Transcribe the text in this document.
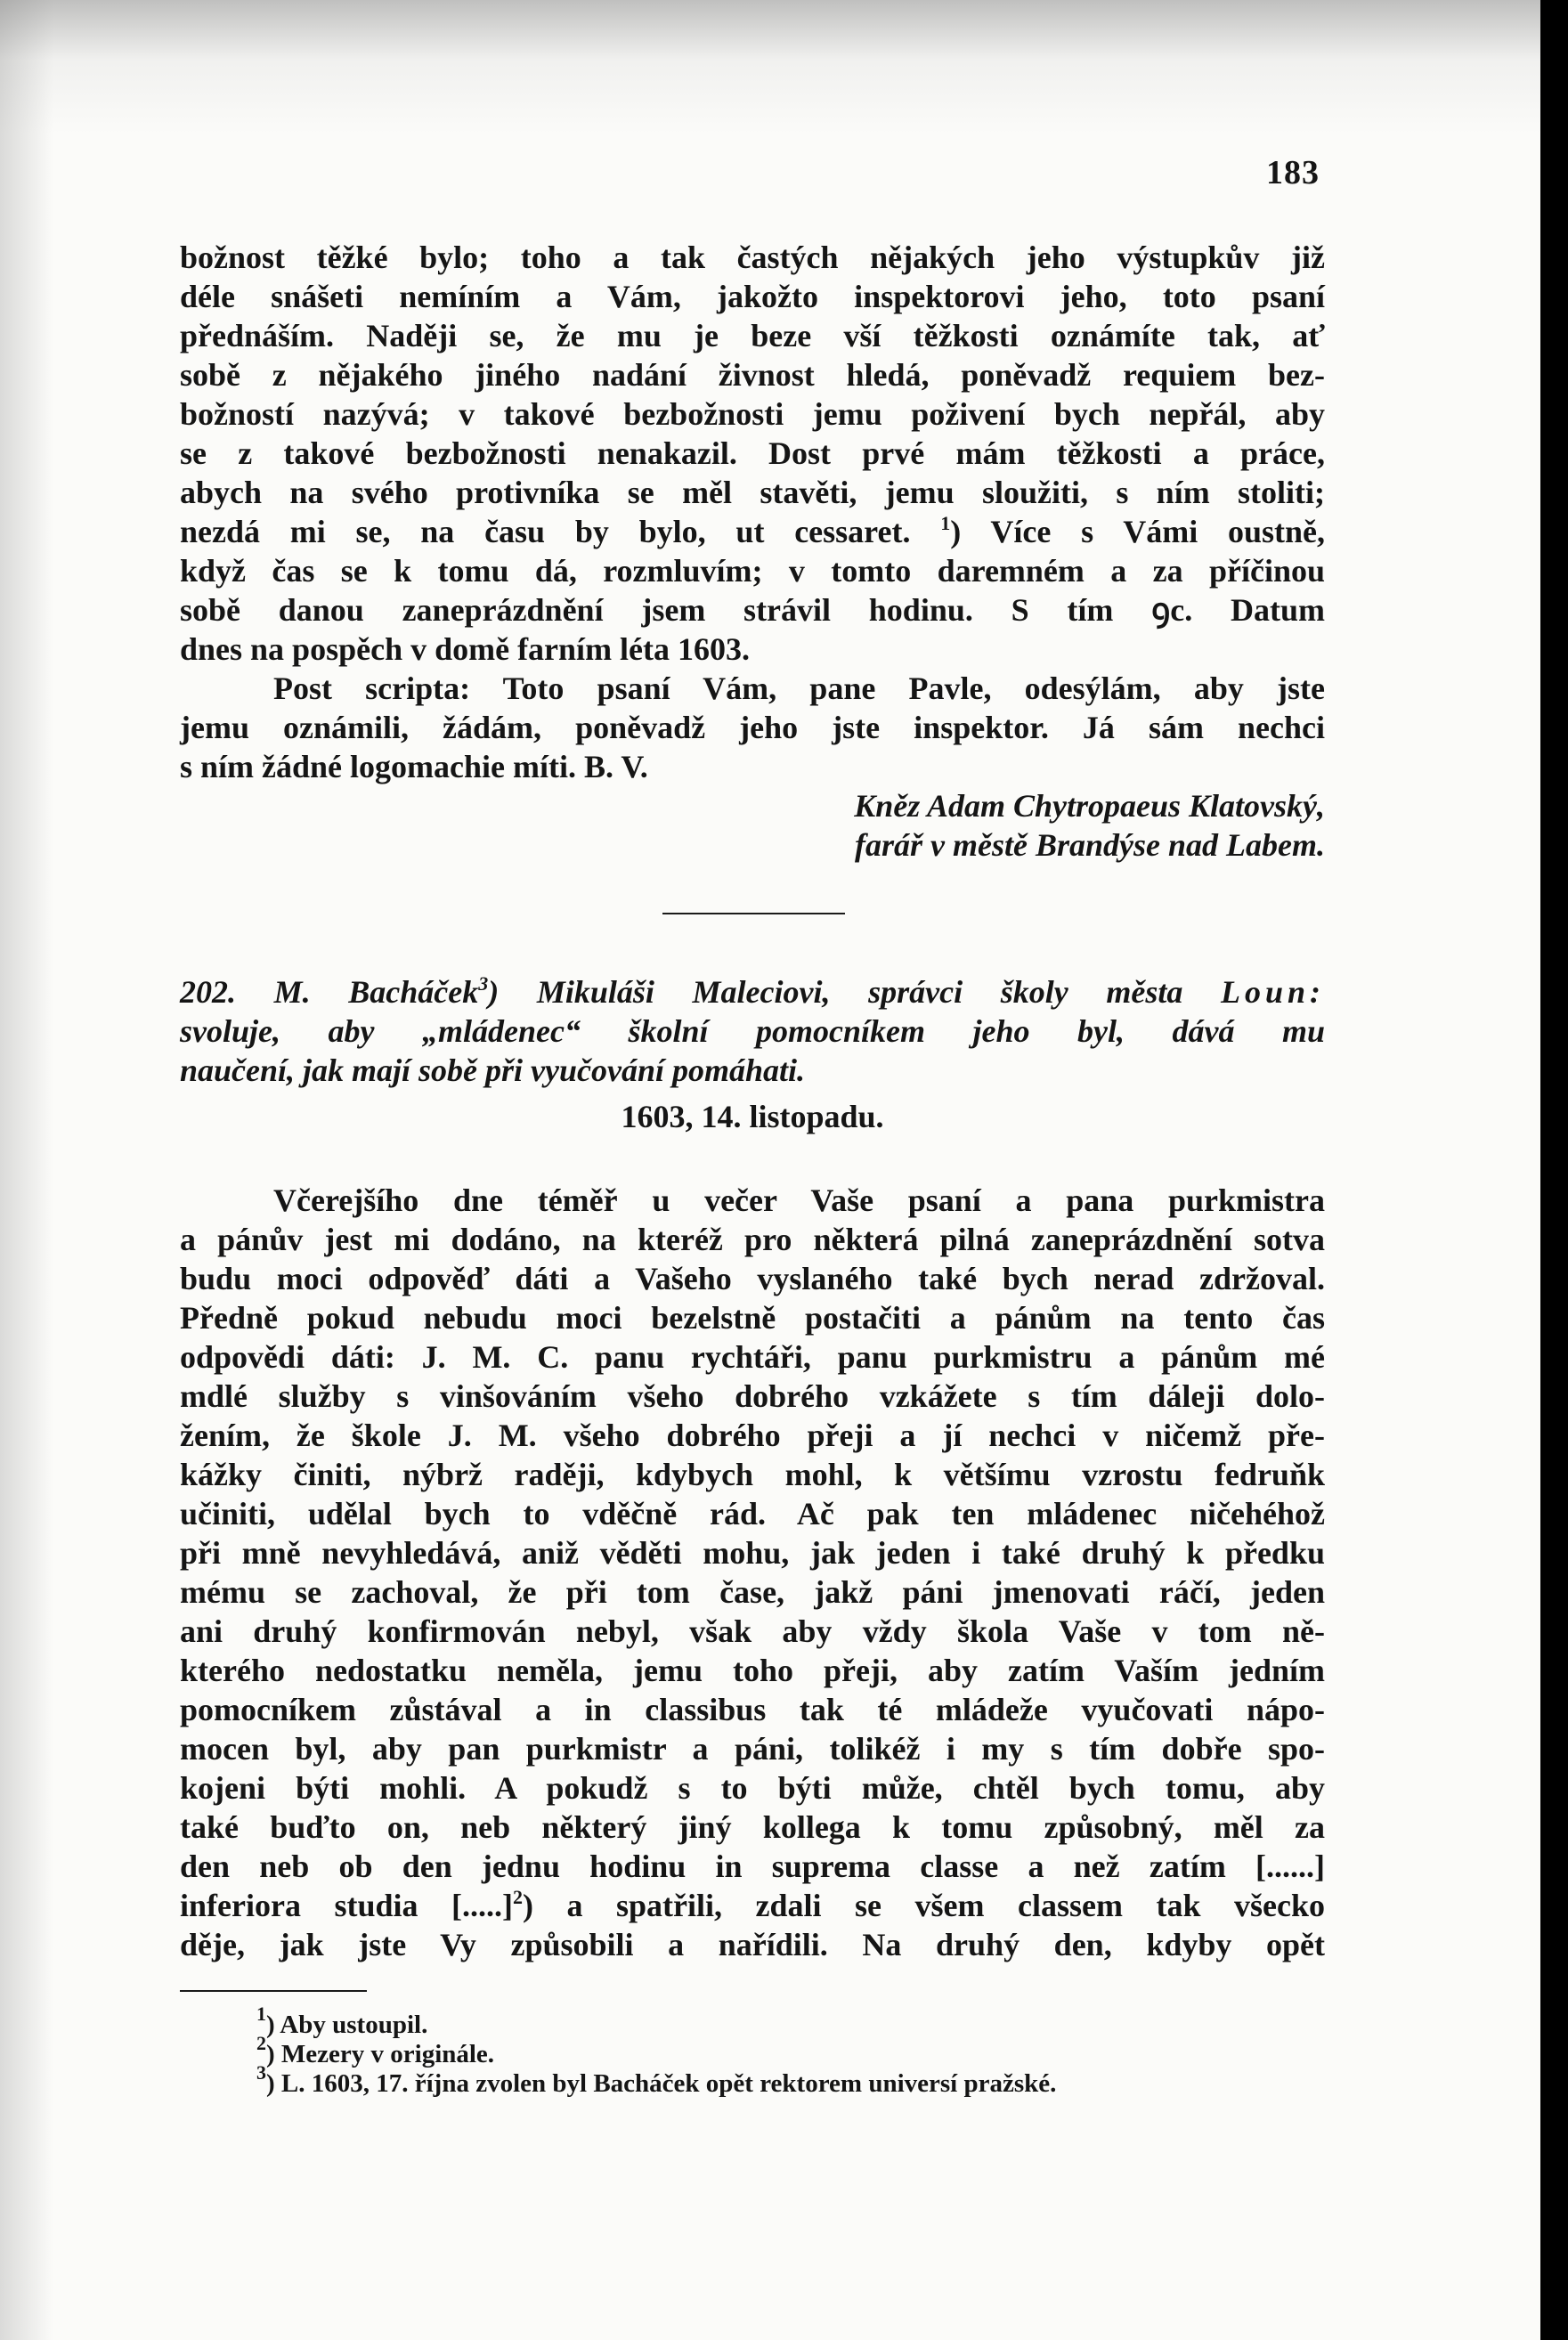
183
božnost těžké bylo; toho a tak častých nějakých jeho výstupkův již
déle snášeti nemíním a Vám, jakožto inspektorovi jeho, toto psaní
přednáším. Naději se, že mu je beze vší těžkosti oznámíte tak, ať
sobě z nějakého jiného nadání živnost hledá, poněvadž requiem bez-
božností nazývá; v takové bezbožnosti jemu poživení bych nepřál, aby
se z takové bezbožnosti nenakazil. Dost prvé mám těžkosti a práce,
abych na svého protivníka se měl stavěti, jemu sloužiti, s ním stoliti;
nezdá mi se, na času by bylo, ut cessaret. $^1$) Více s Vámi oustně,
když čas se k tomu dá, rozmluvím; v tomto daremném a za příčinou
sobě danou zaneprázdnění jsem strávil hodinu. S tím ꝯc. Datum
dnes na pospěch v domě farním léta 1603.
Post scripta: Toto psaní Vám, pane Pavle, odesýlám, aby jste
jemu oznámili, žádám, poněvadž jeho jste inspektor. Já sám nechci
s ním žádné logomachie míti. B. V.
Kněz Adam Chytropaeus Klatovský,
farář v městě Brandýse nad Labem.
202. M. Bacháček$^3$) Mikuláši Maleciovi, správci školy města Loun:
svoluje, aby „mládenec“ školní pomocníkem jeho byl, dává mu
naučení, jak mají sobě při vyučování pomáhati.
1603, 14. listopadu.
Včerejšího dne téměř u večer Vaše psaní a pana purkmistra
a pánův jest mi dodáno, na kteréž pro některá pilná zaneprázdnění sotva
budu moci odpověď dáti a Vašeho vyslaného také bych nerad zdržoval.
Předně pokud nebudu moci bezelstně postačiti a pánům na tento čas
odpovědi dáti: J. M. C. panu rychtáři, panu purkmistru a pánům mé
mdlé služby s vinšováním všeho dobrého vzkážete s tím dáleji dolo-
žením, že škole J. M. všeho dobrého přeji a jí nechci v ničemž pře-
kážky činiti, nýbrž raději, kdybych mohl, k většímu vzrostu fedruňk
učiniti, udělal bych to vděčně rád. Ač pak ten mládenec ničehéhož
při mně nevyhledává, aniž věděti mohu, jak jeden i také druhý k předku
mému se zachoval, že při tom čase, jakž páni jmenovati ráčí, jeden
ani druhý konfirmován nebyl, však aby vždy škola Vaše v tom ně-
kterého nedostatku neměla, jemu toho přeji, aby zatím Vaším jedním
pomocníkem zůstával a in classibus tak té mládeže vyučovati nápo-
mocen byl, aby pan purkmistr a páni, tolikéž i my s tím dobře spo-
kojeni býti mohli. A pokudž s to býti může, chtěl bych tomu, aby
také buďto on, neb některý jiný kollega k tomu způsobný, měl za
den neb ob den jednu hodinu in suprema classe a než zatím [......]
inferiora studia [.....]$^2$) a spatřili, zdali se všem classem tak všecko
děje, jak jste Vy způsobili a nařídili. Na druhý den, kdyby opět
$^1$) Aby ustoupil.
$^2$) Mezery v originále.
$^3$) L. 1603, 17. října zvolen byl Bacháček opět rektorem universí pražské.
